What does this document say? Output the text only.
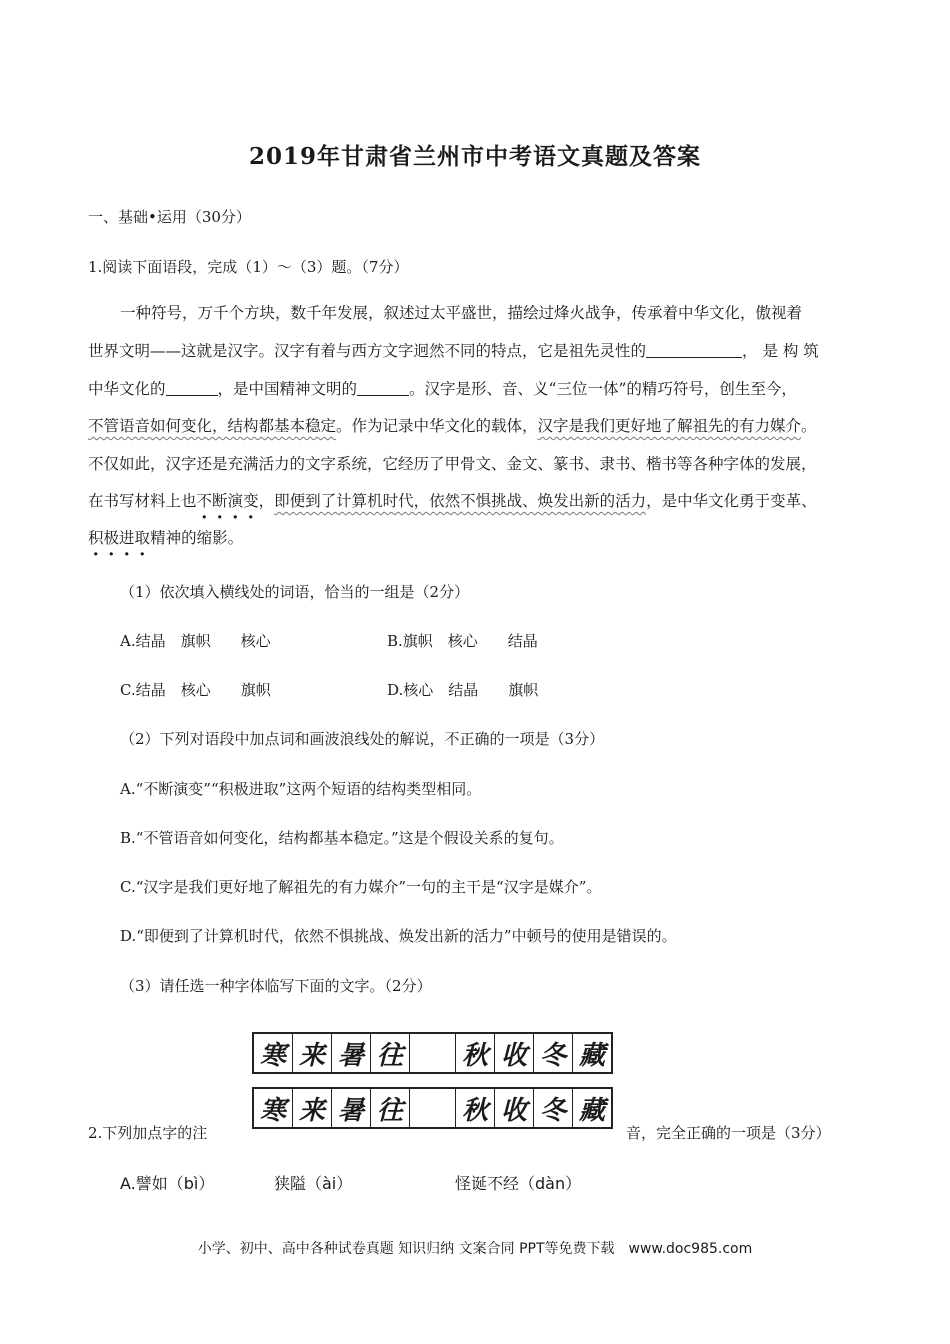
2019年甘肃省兰州市中考语文真题及答案
一、基础•运用（30分）
1.阅读下面语段，完成（1）～（3）题。（7分）
一种符号，万千个方块，数千年发展，叙述过太平盛世，描绘过烽火战争，传承着中华文化，傲视着
世界文明——这就是汉字。汉字有着与西方文字迥然不同的特点，它是祖先灵性的	， 是 构 筑
中华文化的	，是中国精神文明的	。汉字是形、音、义“三位一体”的精巧符号，创生至今，
不管语音如何变化，结构都基本稳定。作为记录中华文化的载体，汉字是我们更好地了解祖先的有力媒介。
不仅如此，汉字还是充满活力的文字系统，它经历了甲骨文、金文、篆书、隶书、楷书等各种字体的发展，
在书写材料上也不断演变，即便到了计算机时代，依然不惧挑战、焕发出新的活力，是中华文化勇于变革、
积极进取精神的缩影。
（1）依次填入横线处的词语，恰当的一组是（2分）
A.结晶　旗帜　　核心	B.旗帜　核心　　结晶
C.结晶　核心　　旗帜	D.核心　结晶　　旗帜
（2）下列对语段中加点词和画波浪线处的解说，不正确的一项是（3分）
A.“不断演变”“积极进取”这两个短语的结构类型相同。
B.“不管语音如何变化，结构都基本稳定。”这是个假设关系的复句。
C.“汉字是我们更好地了解祖先的有力媒介”一句的主干是“汉字是媒介”。
D.“即便到了计算机时代，依然不惧挑战、焕发出新的活力”中顿号的使用是错误的。
（3）请任选一种字体临写下面的文字。（2分）
寒 来 暑 往 秋 收 冬 藏
寒 来 暑 往 秋 收 冬 藏
2.下列加点字的注	音，完全正确的一项是（3分）
A.譬如（bì）	狭隘（ài）	怪诞不经（dàn）
小学、初中、高中各种试卷真题 知识归纳 文案合同 PPT等免费下载　www.doc985.com
